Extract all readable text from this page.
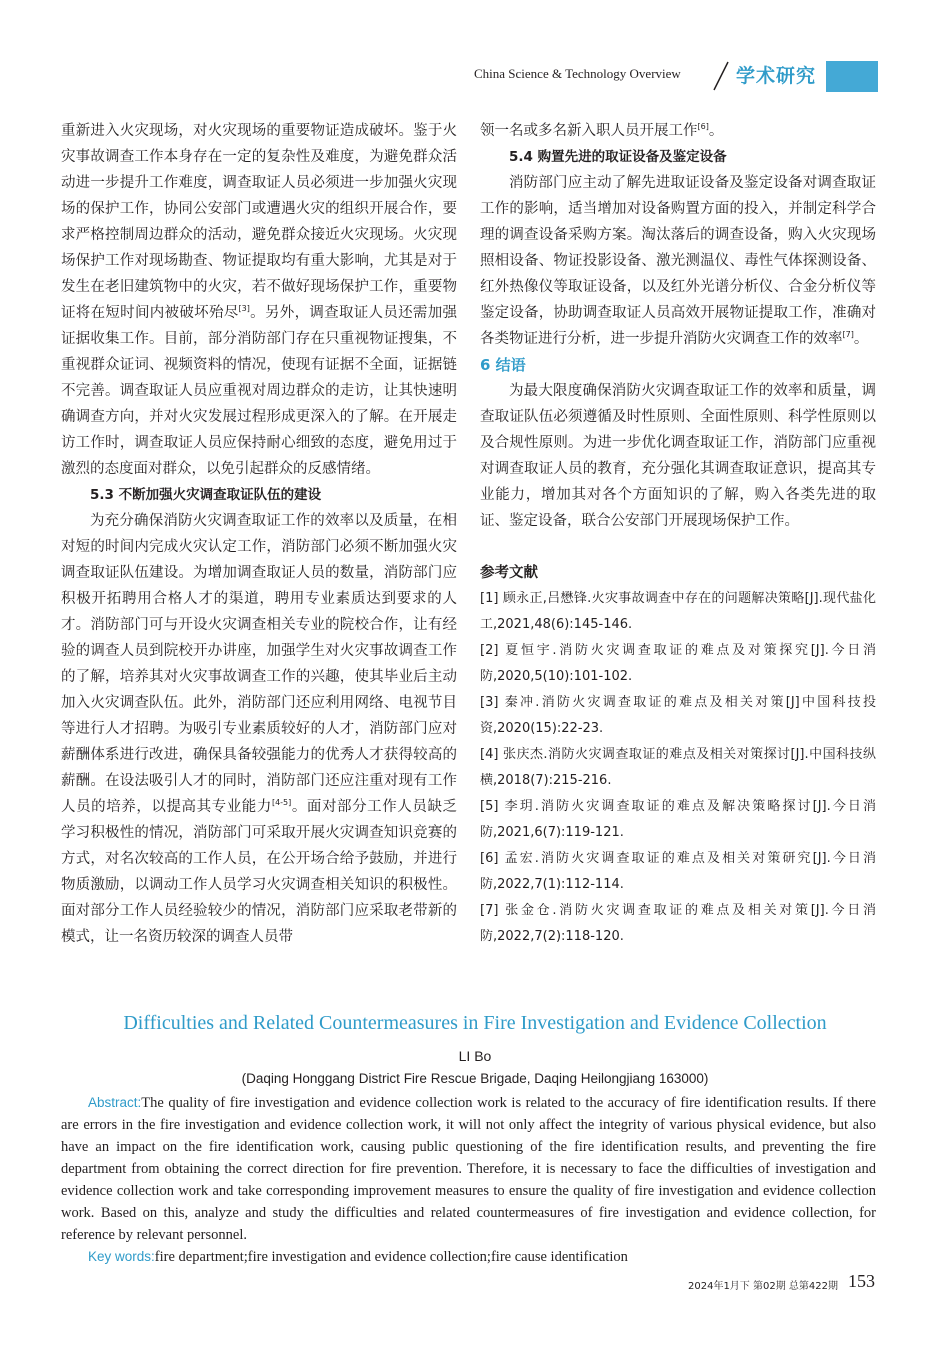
China Science & Technology Overview	学术研究

重新进入火灾现场，对火灾现场的重要物证造成破坏。鉴于火灾事故调查工作本身存在一定的复杂性及难度，为避免群众活动进一步提升工作难度，调查取证人员必须进一步加强火灾现场的保护工作，协同公安部门或遭遇火灾的组织开展合作，要求严格控制周边群众的活动，避免群众接近火灾现场。火灾现场保护工作对现场勘查、物证提取均有重大影响，尤其是对于发生在老旧建筑物中的火灾，若不做好现场保护工作，重要物证将在短时间内被破坏殆尽[3]。另外，调查取证人员还需加强证据收集工作。目前，部分消防部门存在只重视物证搜集，不重视群众证词、视频资料的情况，使现有证据不全面，证据链不完善。调查取证人员应重视对周边群众的走访，让其快速明确调查方向，并对火灾发展过程形成更深入的了解。在开展走访工作时，调查取证人员应保持耐心细致的态度，避免用过于激烈的态度面对群众，以免引起群众的反感情绪。

5.3 不断加强火灾调查取证队伍的建设

为充分确保消防火灾调查取证工作的效率以及质量，在相对短的时间内完成火灾认定工作，消防部门必须不断加强火灾调查取证队伍建设。为增加调查取证人员的数量，消防部门应积极开拓聘用合格人才的渠道，聘用专业素质达到要求的人才。消防部门可与开设火灾调查相关专业的院校合作，让有经验的调查人员到院校开办讲座，加强学生对火灾事故调查工作的了解，培养其对火灾事故调查工作的兴趣，使其毕业后主动加入火灾调查队伍。此外，消防部门还应利用网络、电视节目等进行人才招聘。为吸引专业素质较好的人才，消防部门应对薪酬体系进行改进，确保具备较强能力的优秀人才获得较高的薪酬。在设法吸引人才的同时，消防部门还应注重对现有工作人员的培养，以提高其专业能力[4-5]。面对部分工作人员缺乏学习积极性的情况，消防部门可采取开展火灾调查知识竞赛的方式，对名次较高的工作人员，在公开场合给予鼓励，并进行物质激励，以调动工作人员学习火灾调查相关知识的积极性。面对部分工作人员经验较少的情况，消防部门应采取老带新的模式，让一名资历较深的调查人员带

领一名或多名新入职人员开展工作[6]。

5.4 购置先进的取证设备及鉴定设备

消防部门应主动了解先进取证设备及鉴定设备对调查取证工作的影响，适当增加对设备购置方面的投入，并制定科学合理的调查设备采购方案。淘汰落后的调查设备，购入火灾现场照相设备、物证投影设备、激光测温仪、毒性气体探测设备、红外热像仪等取证设备，以及红外光谱分析仪、合金分析仪等鉴定设备，协助调查取证人员高效开展物证提取工作，准确对各类物证进行分析，进一步提升消防火灾调查工作的效率[7]。

6 结语

为最大限度确保消防火灾调查取证工作的效率和质量，调查取证队伍必须遵循及时性原则、全面性原则、科学性原则以及合规性原则。为进一步优化调查取证工作，消防部门应重视对调查取证人员的教育，充分强化其调查取证意识，提高其专业能力，增加其对各个方面知识的了解，购入各类先进的取证、鉴定设备，联合公安部门开展现场保护工作。

参考文献
[1] 顾永正,吕懋锋.火灾事故调查中存在的问题解决策略[J].现代盐化工,2021,48(6):145-146.
[2] 夏恒宇.消防火灾调查取证的难点及对策探究[J].今日消防,2020,5(10):101-102.
[3] 秦冲.消防火灾调查取证的难点及相关对策[J]中国科技投资,2020(15):22-23.
[4] 张庆杰.消防火灾调查取证的难点及相关对策探讨[J].中国科技纵横,2018(7):215-216.
[5] 李玥.消防火灾调查取证的难点及解决策略探讨[J].今日消防,2021,6(7):119-121.
[6] 孟宏.消防火灾调查取证的难点及相关对策研究[J].今日消防,2022,7(1):112-114.
[7] 张金仓.消防火灾调查取证的难点及相关对策[J].今日消防,2022,7(2):118-120.
Difficulties and Related Countermeasures in Fire Investigation and Evidence Collection
LI Bo
(Daqing Honggang District Fire Rescue Brigade, Daqing Heilongjiang 163000)

Abstract:The quality of fire investigation and evidence collection work is related to the accuracy of fire identification results. If there are errors in the fire investigation and evidence collection work, it will not only affect the integrity of various physical evidence, but also have an impact on the fire identification work, causing public questioning of the fire identification results, and preventing the fire department from obtaining the correct direction for fire prevention. Therefore, it is necessary to face the difficulties of investigation and evidence collection work and take corresponding improvement measures to ensure the quality of fire investigation and evidence collection work. Based on this, analyze and study the difficulties and related countermeasures of fire investigation and evidence collection, for reference by relevant personnel.

Key words:fire department;fire investigation and evidence collection;fire cause identification

2024年1月下 第02期 总第422期 153
